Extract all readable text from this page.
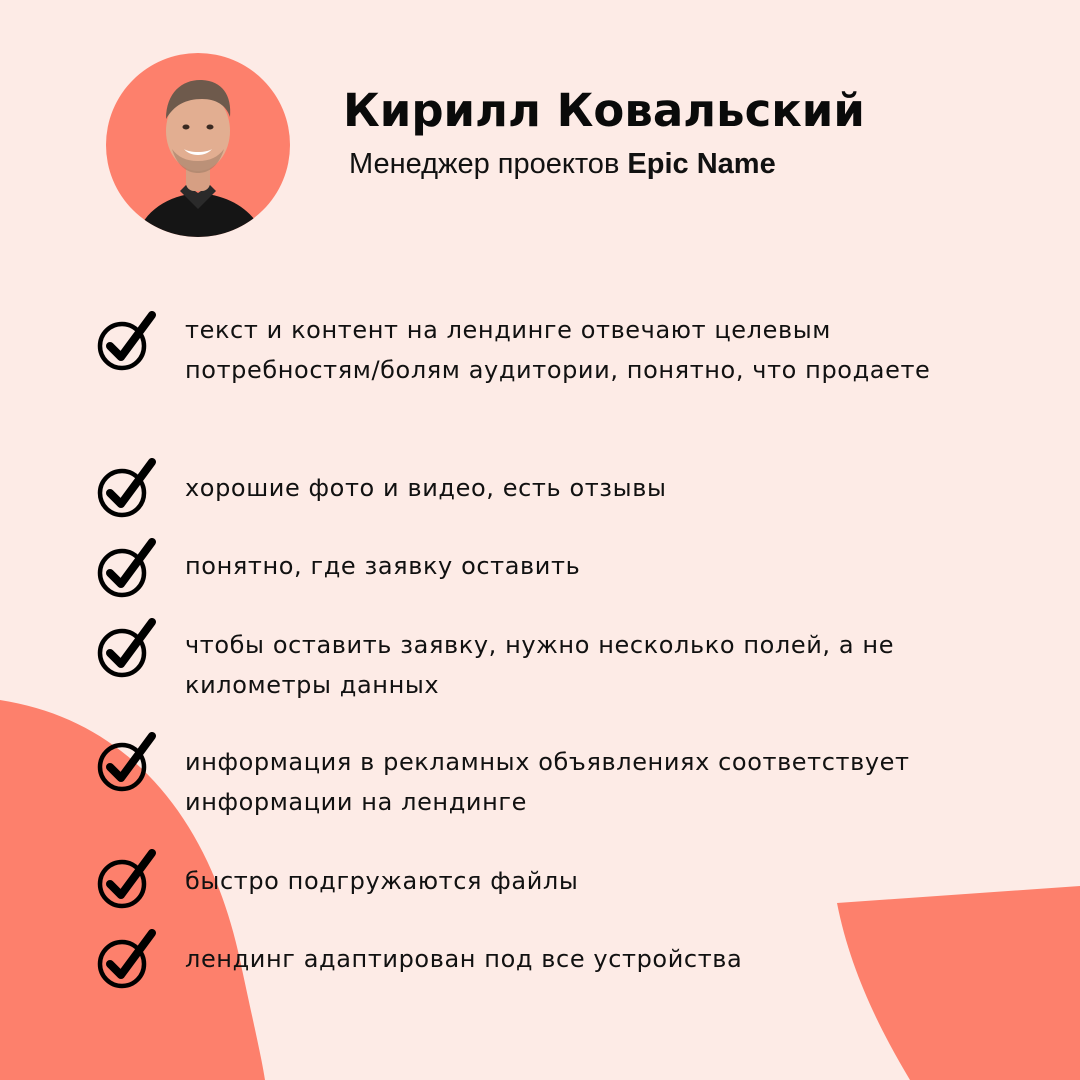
Кирилл Ковальский
Менеджер проектов Epic Name
текст и контент на лендинге отвечают целевым потребностям/болям аудитории, понятно, что продаете
хорошие фото и видео, есть отзывы
понятно, где заявку оставить
чтобы оставить заявку, нужно несколько полей, а не километры данных
информация в рекламных объявлениях соответствует информации на лендинге
быстро подгружаются файлы
лендинг адаптирован под все устройства
